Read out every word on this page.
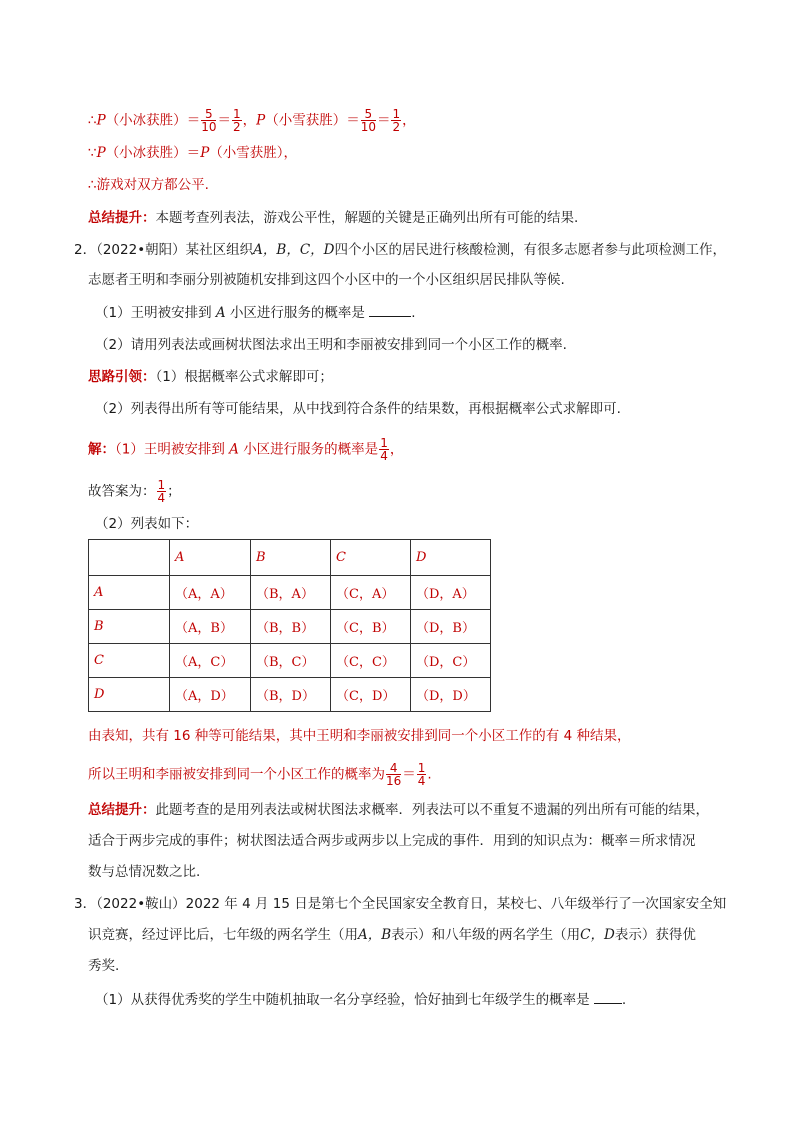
∴P（小冰获胜）＝ $\frac{5}{10} = \frac{1}{2}$ ，P（小雪获胜）＝ $\frac{5}{10} = \frac{1}{2}$ ，
∵P（小冰获胜）＝P（小雪获胜），
∴游戏对双方都公平.
总结提升：本题考查列表法，游戏公平性，解题的关键是正确列出所有可能的结果.
2．（2022•朝阳）某社区组织A，B，C，D四个小区的居民进行核酸检测，有很多志愿者参与此项检测工作，
志愿者王明和李丽分别被随机安排到这四个小区中的一个小区组织居民排队等候.
（1）王明被安排到 A 小区进行服务的概率是	.
（2）请用列表法或画树状图法求出王明和李丽被安排到同一个小区工作的概率.
思路引领：（1）根据概率公式求解即可；
（2）列表得出所有等可能结果，从中找到符合条件的结果数，再根据概率公式求解即可.
解：（1）王明被安排到 A 小区进行服务的概率是 $\frac{1}{4}$ ，
故答案为： $\frac{1}{4}$ ；
（2）列表如下：
	A	B	C	D
A	（A，A）	（B，A）	（C，A）	（D，A）
B	（A，B）	（B，B）	（C，B）	（D，B）
C	（A，C）	（B，C）	（C，C）	（D，C）
D	（A，D）	（B，D）	（C，D）	（D，D）
由表知，共有 16 种等可能结果，其中王明和李丽被安排到同一个小区工作的有 4 种结果，
所以王明和李丽被安排到同一个小区工作的概率为 $\frac{4}{16} = \frac{1}{4}$ .
总结提升：此题考查的是用列表法或树状图法求概率．列表法可以不重复不遗漏的列出所有可能的结果，
适合于两步完成的事件；树状图法适合两步或两步以上完成的事件．用到的知识点为：概率＝所求情况
数与总情况数之比.
3．（2022•鞍山）2022 年 4 月 15 日是第七个全民国家安全教育日，某校七、八年级举行了一次国家安全知
识竞赛，经过评比后，七年级的两名学生（用A，B表示）和八年级的两名学生（用C，D表示）获得优
秀奖.
（1）从获得优秀奖的学生中随机抽取一名分享经验，恰好抽到七年级学生的概率是 .
